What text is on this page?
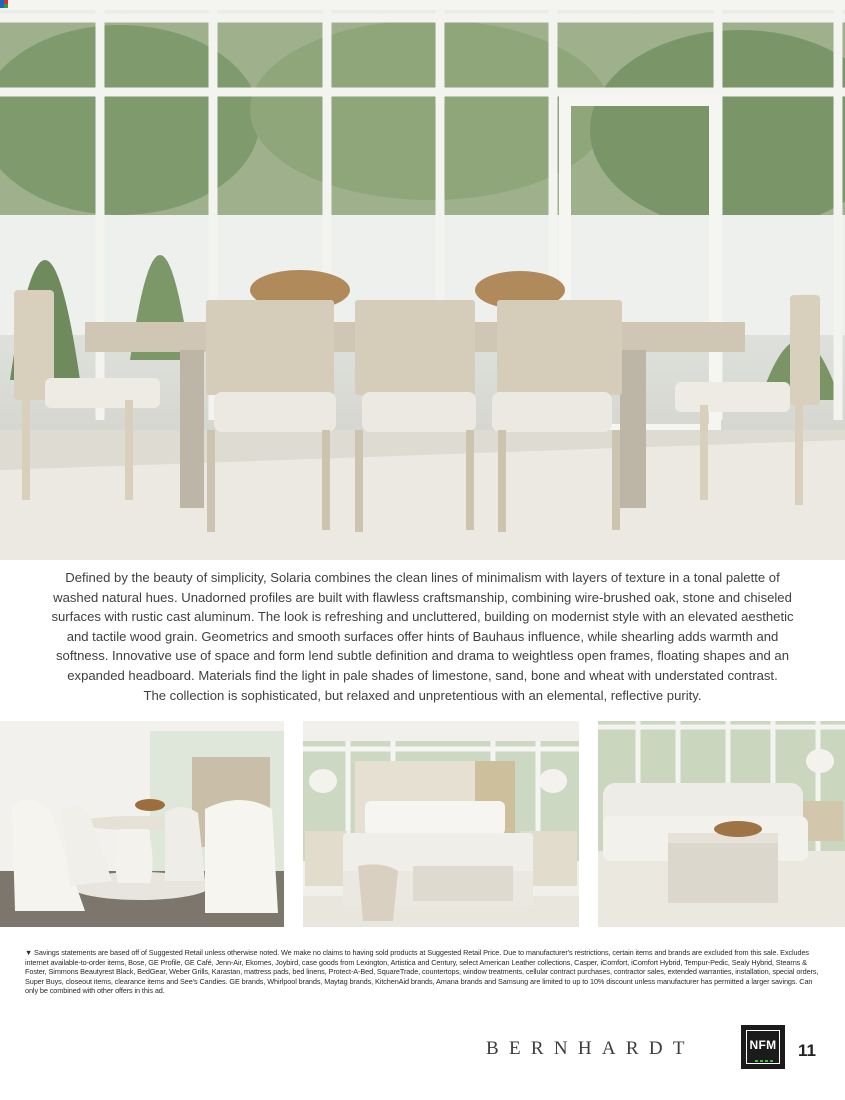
Defined by the beauty of simplicity, Solaria combines the clean lines of minimalism with layers of texture in a tonal palette of washed natural hues. Unadorned profiles are built with flawless craftsmanship, combining wire-brushed oak, stone and chiseled surfaces with rustic cast aluminum. The look is refreshing and uncluttered, building on modernist style with an elevated aesthetic and tactile wood grain. Geometrics and smooth surfaces offer hints of Bauhaus influence, while shearling adds warmth and softness. Innovative use of space and form lend subtle definition and drama to weightless open frames, floating shapes and an expanded headboard. Materials find the light in pale shades of limestone, sand, bone and wheat with understated contrast.

The collection is sophisticated, but relaxed and unpretentious with an elemental, reflective purity.

▼ Savings statements are based off of Suggested Retail unless otherwise noted. We make no claims to having sold products at Suggested Retail Price. Due to manufacturer's restrictions, certain items and brands are excluded from this sale. Excludes internet available-to-order items, Bose, GE Profile, GE Café, Jenn-Air, Ekornes, Joybird, case goods from Lexington, Artistica and Century, select American Leather collections, Casper, iComfort, iComfort Hybrid, Tempur-Pedic, Sealy Hybrid, Stearns & Foster, Simmons Beautyrest Black, BedGear, Weber Grills, Karastan, mattress pads, bed linens, Protect-A-Bed, SquareTrade, countertops, window treatments, cellular contract purchases, contractor sales, extended warranties, installation, special orders, Super Buys, closeout items, clearance items and See's Candies. GE brands, Whirlpool brands, Maytag brands, KitchenAid brands, Amana brands and Samsung are limited to up to 10% discount unless manufacturer has permitted a larger savings. Can only be combined with other offers in this ad.
BERNHARDT	NFM	11
